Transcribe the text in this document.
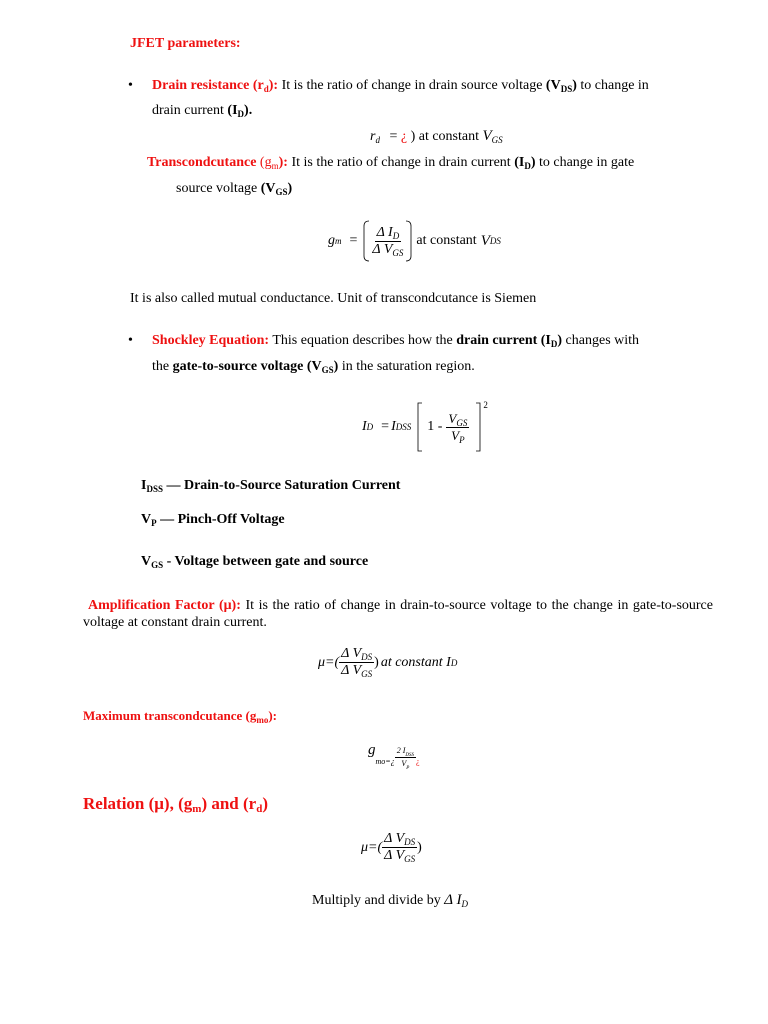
JFET parameters:
• Drain resistance $(r_d)$: It is the ratio of change in drain source voltage $(V_{DS})$ to change in
drain current $(I_D)$.
$r_d$ = ¿ ) at constant $V_{GS}$
Transcondcutance $(g_m)$: It is the ratio of change in drain current $(I_D)$ to change in gate
source voltage $(V_{GS})$
g $m = \frac{\Delta I_D}{\Delta V_{GS}}$ at constant V DS
It is also called mutual conductance. Unit of transcondcutance is Siemen
• Shockley Equation: This equation describes how the drain current $(I_D)$ changes with
the gate-to-source voltage $(V_{GS})$ in the saturation region.
I D = I DSS $1 - \frac{V_{GS}}{V_P}$
2
$I_{DSS}$ — Drain-to-Source Saturation Current
$V_P$ — Pinch-Off Voltage
$V_{GS}$ - Voltage between gate and source
Amplification Factor (μ): It is the ratio of change in drain-to-source voltage to the change in gate-to-source voltage at constant drain current.
$\mu=( \frac{\Delta V_{DS}}{\Delta V_{GS}}$ ) at constant I D
Maximum transcondcutance $(g_{mo})$:
g
mo=¿ $\frac{2 I_{DSS}}{V_P}$ ¿
Relation (μ), $(g_m)$ and $(r_d)$
$\mu=( \frac{\Delta V_{DS}}{\Delta V_{GS}}$ )
Multiply and divide by Δ $I_D$
